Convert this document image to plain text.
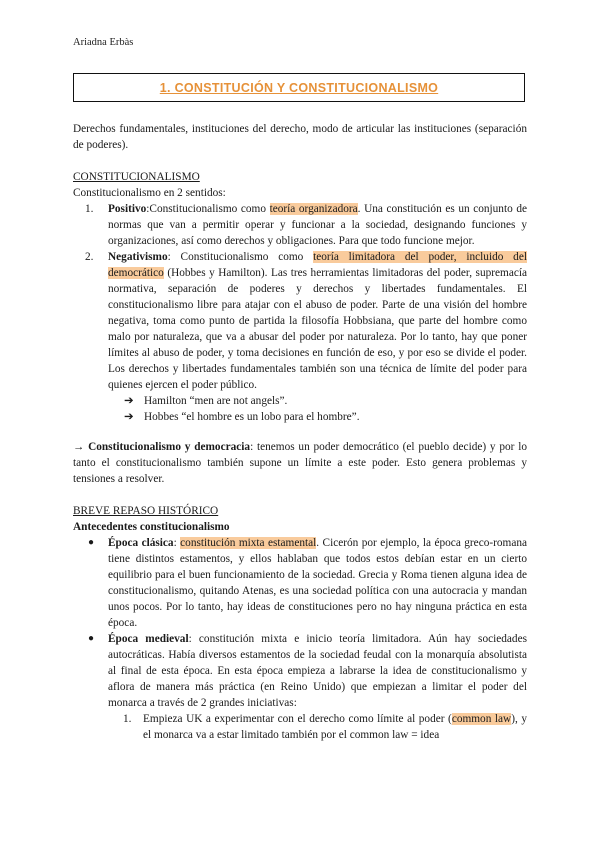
Ariadna Erbàs
1. CONSTITUCIÓN Y CONSTITUCIONALISMO

Derechos fundamentales, instituciones del derecho, modo de articular las instituciones (separación de poderes).

CONSTITUCIONALISMO
Constitucionalismo en 2 sentidos:
1. Positivo:Constitucionalismo como teoría organizadora. Una constitución es un conjunto de normas que van a permitir operar y funcionar a la sociedad, designando funciones y organizaciones, así como derechos y obligaciones. Para que todo funcione mejor.
2. Negativismo: Constitucionalismo como teoría limitadora del poder, incluido del democrático (Hobbes y Hamilton). Las tres herramientas limitadoras del poder, supremacía normativa, separación de poderes y derechos y libertades fundamentales. El constitucionalismo libre para atajar con el abuso de poder. Parte de una visión del hombre negativa, toma como punto de partida la filosofía Hobbsiana, que parte del hombre como malo por naturaleza, que va a abusar del poder por naturaleza. Por lo tanto, hay que poner límites al abuso de poder, y toma decisiones en función de eso, y por eso se divide el poder. Los derechos y libertades fundamentales también son una técnica de límite del poder para quienes ejercen el poder público.
➔ Hamilton “men are not angels”.
➔ Hobbes “el hombre es un lobo para el hombre”.

→ Constitucionalismo y democracia: tenemos un poder democrático (el pueblo decide) y por lo tanto el constitucionalismo también supone un límite a este poder. Esto genera problemas y tensiones a resolver.

BREVE REPASO HISTÓRICO
Antecedentes constitucionalismo
● Época clásica: constitución mixta estamental. Cicerón por ejemplo, la época greco-romana tiene distintos estamentos, y ellos hablaban que todos estos debían estar en un cierto equilibrio para el buen funcionamiento de la sociedad. Grecia y Roma tienen alguna idea de constitucionalismo, quitando Atenas, es una sociedad política con una autocracia y mandan unos pocos. Por lo tanto, hay ideas de constituciones pero no hay ninguna práctica en esta época.
● Época medieval: constitución mixta e inicio teoría limitadora. Aún hay sociedades autocráticas. Había diversos estamentos de la sociedad feudal con la monarquía absolutista al final de esta época. En esta época empieza a labrarse la idea de constitucionalismo y aflora de manera más práctica (en Reino Unido) que empiezan a limitar el poder del monarca a través de 2 grandes iniciativas:
1. Empieza UK a experimentar con el derecho como límite al poder (common law), y el monarca va a estar limitado también por el common law = idea
